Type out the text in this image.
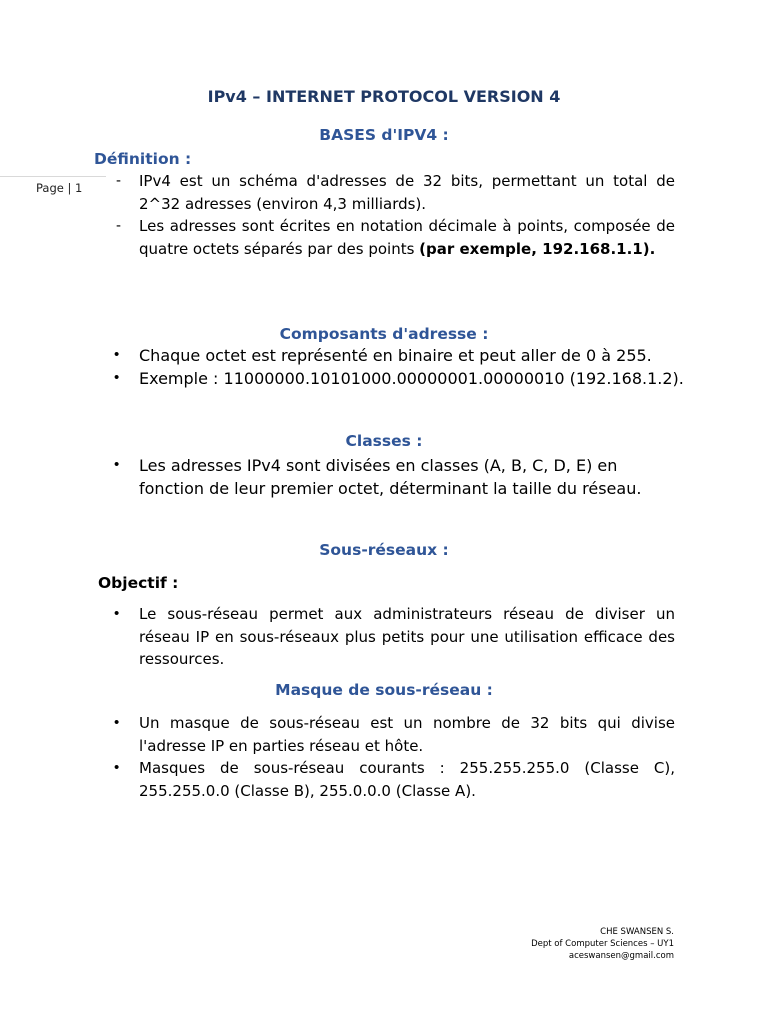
IPv4 – INTERNET PROTOCOL VERSION 4
BASES d'IPV4 :
Définition :
Page | 1	- IPv4 est un schéma d'adresses de 32 bits, permettant un total de 2^32 adresses (environ 4,3 milliards).
- Les adresses sont écrites en notation décimale à points, composée de quatre octets séparés par des points (par exemple, 192.168.1.1).
Composants d'adresse :
• Chaque octet est représenté en binaire et peut aller de 0 à 255.
• Exemple : 11000000.10101000.00000001.00000010 (192.168.1.2).
Classes :
• Les adresses IPv4 sont divisées en classes (A, B, C, D, E) en fonction de leur premier octet, déterminant la taille du réseau.
Sous-réseaux :
Objectif :
• Le sous-réseau permet aux administrateurs réseau de diviser un réseau IP en sous-réseaux plus petits pour une utilisation efficace des ressources.
Masque de sous-réseau :
• Un masque de sous-réseau est un nombre de 32 bits qui divise l'adresse IP en parties réseau et hôte.
• Masques de sous-réseau courants : 255.255.255.0 (Classe C), 255.255.0.0 (Classe B), 255.0.0.0 (Classe A).
CHE SWANSEN S.
Dept of Computer Sciences – UY1
aceswansen@gmail.com
